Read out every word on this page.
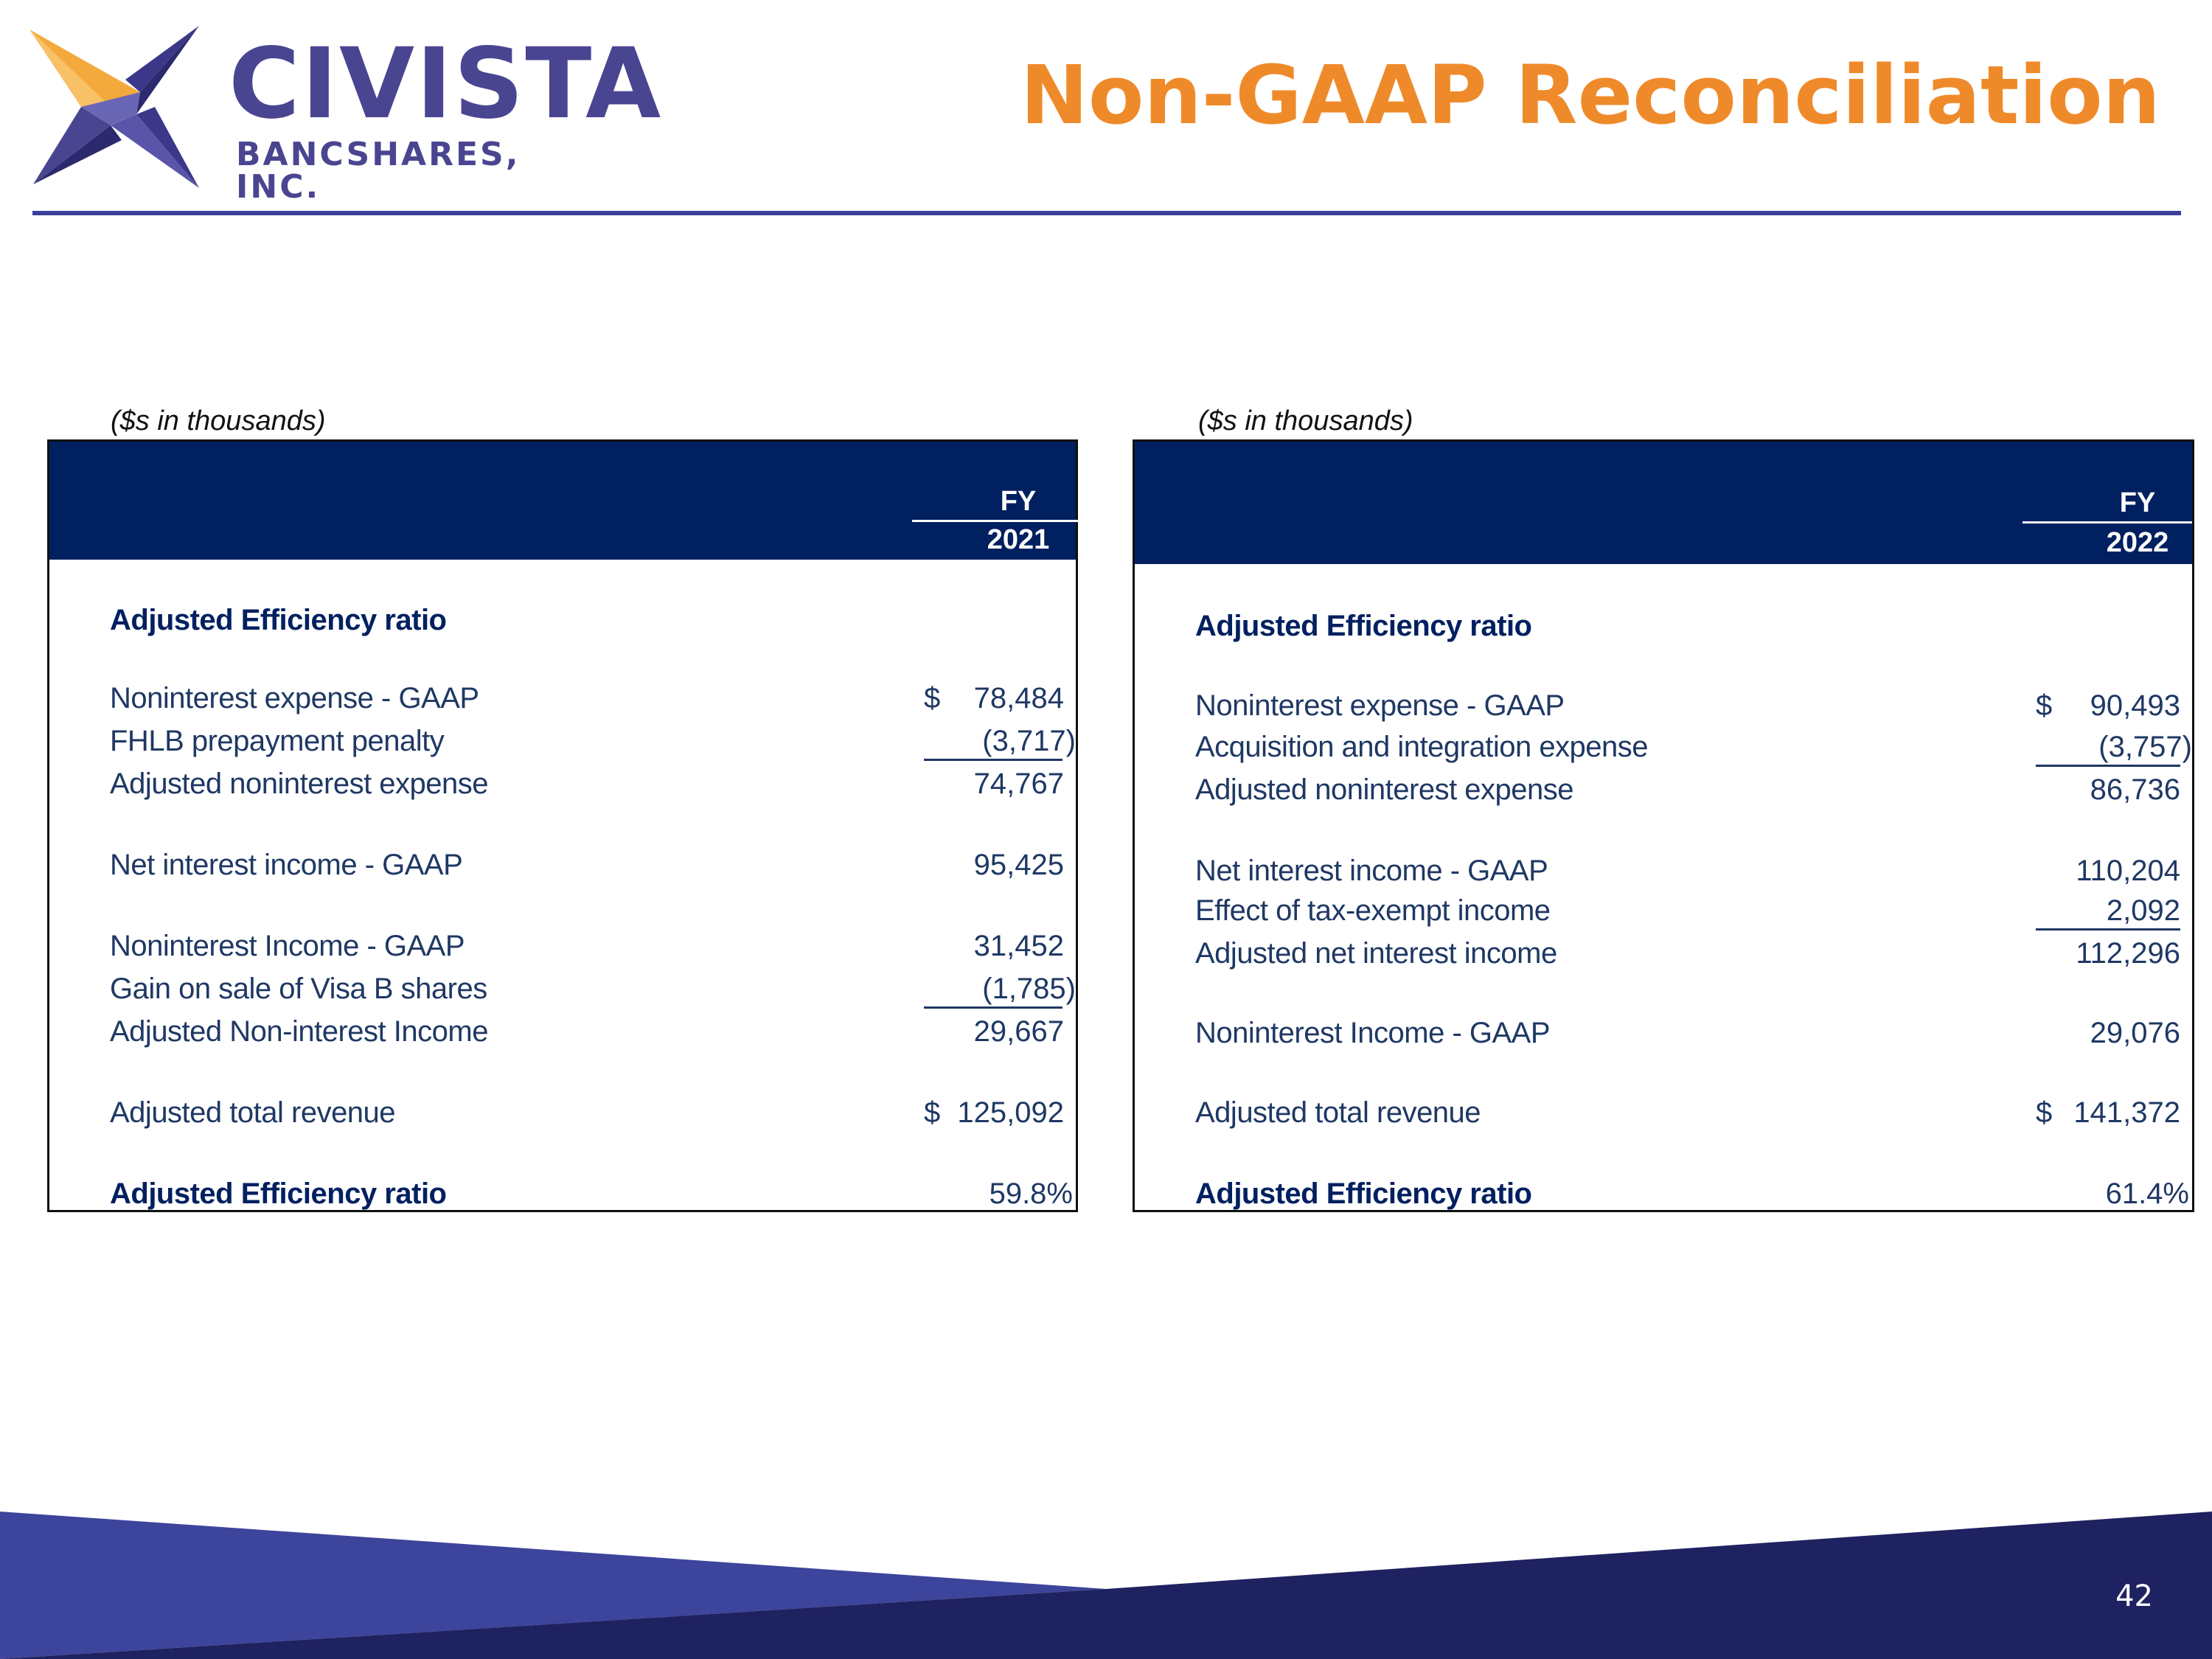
CIVISTA
BANCSHARES, INC.
Non-GAAP Reconciliation
($s in thousands)
FY
2021
Adjusted Efficiency ratio
Noninterest expense - GAAP	$ 78,484
FHLB prepayment penalty	(3,717)
Adjusted noninterest expense	74,767
Net interest income - GAAP	95,425
Noninterest Income - GAAP	31,452
Gain on sale of Visa B shares	(1,785)
Adjusted Non-interest Income	29,667
Adjusted total revenue	$ 125,092
Adjusted Efficiency ratio	59.8%
($s in thousands)
FY
2022
Adjusted Efficiency ratio
Noninterest expense - GAAP	$ 90,493
Acquisition and integration expense	(3,757)
Adjusted noninterest expense	86,736
Net interest income - GAAP	110,204
Effect of tax-exempt income	2,092
Adjusted net interest income	112,296
Noninterest Income - GAAP	29,076
Adjusted total revenue	$ 141,372
Adjusted Efficiency ratio	61.4%
42
